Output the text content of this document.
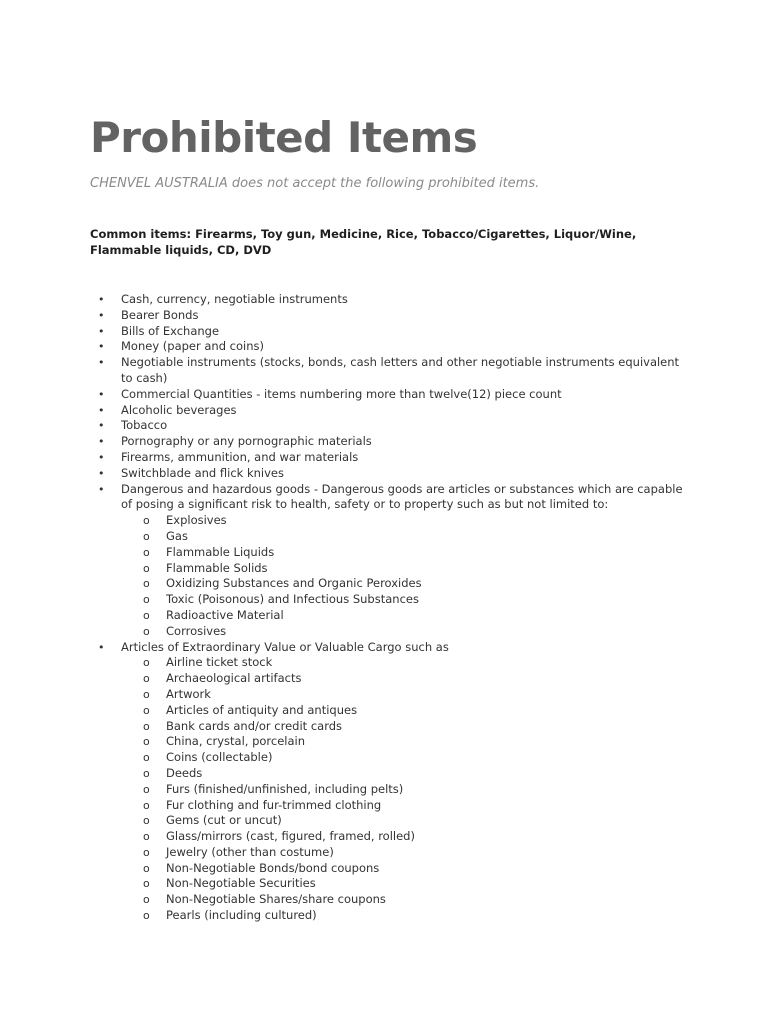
Prohibited Items

CHENVEL AUSTRALIA does not accept the following prohibited items.

Common items: Firearms, Toy gun, Medicine, Rice, Tobacco/Cigarettes, Liquor/Wine, Flammable liquids, CD, DVD

• Cash, currency, negotiable instruments
• Bearer Bonds
• Bills of Exchange
• Money (paper and coins)
• Negotiable instruments (stocks, bonds, cash letters and other negotiable instruments equivalent to cash)
• Commercial Quantities - items numbering more than twelve(12) piece count
• Alcoholic beverages
• Tobacco
• Pornography or any pornographic materials
• Firearms, ammunition, and war materials
• Switchblade and flick knives
• Dangerous and hazardous goods - Dangerous goods are articles or substances which are capable of posing a significant risk to health, safety or to property such as but not limited to:
o Explosives
o Gas
o Flammable Liquids
o Flammable Solids
o Oxidizing Substances and Organic Peroxides
o Toxic (Poisonous) and Infectious Substances
o Radioactive Material
o Corrosives
• Articles of Extraordinary Value or Valuable Cargo such as
o Airline ticket stock
o Archaeological artifacts
o Artwork
o Articles of antiquity and antiques
o Bank cards and/or credit cards
o China, crystal, porcelain
o Coins (collectable)
o Deeds
o Furs (finished/unfinished, including pelts)
o Fur clothing and fur-trimmed clothing
o Gems (cut or uncut)
o Glass/mirrors (cast, figured, framed, rolled)
o Jewelry (other than costume)
o Non-Negotiable Bonds/bond coupons
o Non-Negotiable Securities
o Non-Negotiable Shares/share coupons
o Pearls (including cultured)
